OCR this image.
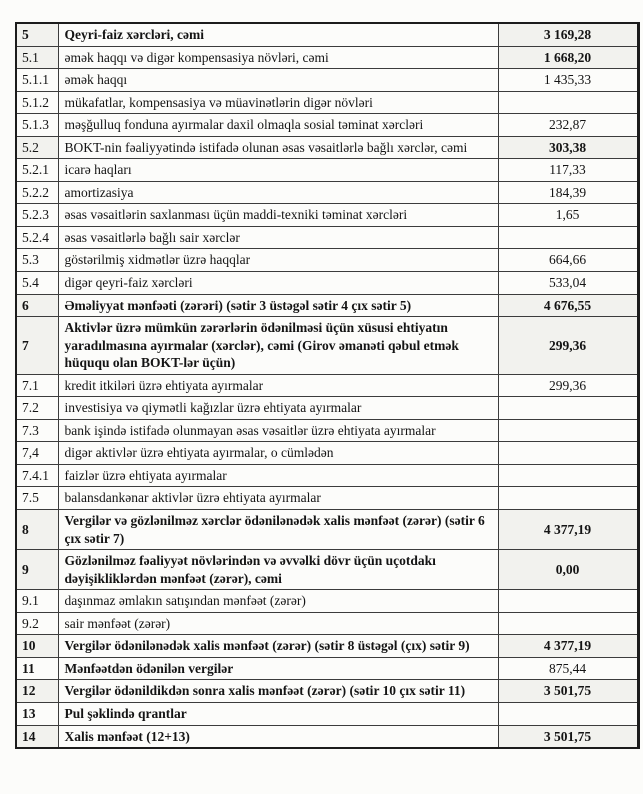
5	Qeyri-faiz xərcləri, cəmi	3 169,28
5.1	əmək haqqı və digər kompensasiya növləri, cəmi	1 668,20
5.1.1	əmək haqqı	1 435,33
5.1.2	mükafatlar, kompensasiya və müavinətlərin digər növləri	
5.1.3	məşğulluq fonduna ayırmalar daxil olmaqla sosial təminat xərcləri	232,87
5.2	BOKT-nin fəaliyyətində istifadə olunan əsas vəsaitlərlə bağlı xərclər, cəmi	303,38
5.2.1	icarə haqları	117,33
5.2.2	amortizasiya	184,39
5.2.3	əsas vəsaitlərin saxlanması üçün maddi-texniki təminat xərcləri	1,65
5.2.4	əsas vəsaitlərlə bağlı sair xərclər	
5.3	göstərilmiş xidmətlər üzrə haqqlar	664,66
5.4	digər qeyri-faiz xərcləri	533,04
6	Əməliyyat mənfəəti (zərəri) (sətir 3 üstəgəl sətir 4 çıx sətir 5)	4 676,55
7	Aktivlər üzrə mümkün zərərlərin ödənilməsi üçün xüsusi ehtiyatın yaradılmasına ayırmalar (xərclər), cəmi (Girov əmanəti qəbul etmək hüququ olan BOKT-lər üçün)	299,36
7.1	kredit itkiləri üzrə ehtiyata ayırmalar	299,36
7.2	investisiya və qiymətli kağızlar üzrə ehtiyata ayırmalar	
7.3	bank işində istifadə olunmayan əsas vəsaitlər üzrə ehtiyata ayırmalar	
7,4	digər aktivlər üzrə ehtiyata ayırmalar, o cümlədən	
7.4.1	faizlər üzrə ehtiyata ayırmalar	
7.5	balansdankənar aktivlər üzrə ehtiyata ayırmalar	
8	Vergilər və gözlənilməz xərclər ödənilənədək xalis mənfəət (zərər) (sətir 6 çıx sətir 7)	4 377,19
9	Gözlənilməz fəaliyyət növlərindən və əvvəlki dövr üçün uçotdakı dəyişikliklərdən mənfəət (zərər), cəmi	0,00
9.1	daşınmaz əmlakın satışından mənfəət (zərər)	
9.2	sair mənfəət (zərər)	
10	Vergilər ödənilənədək xalis mənfəət (zərər) (sətir 8 üstəgəl (çıx) sətir 9)	4 377,19
11	Mənfəətdən ödənilən vergilər	875,44
12	Vergilər ödənildikdən sonra xalis mənfəət (zərər) (sətir 10 çıx sətir 11)	3 501,75
13	Pul şəklində qrantlar	
14	Xalis mənfəət (12+13)	3 501,75
